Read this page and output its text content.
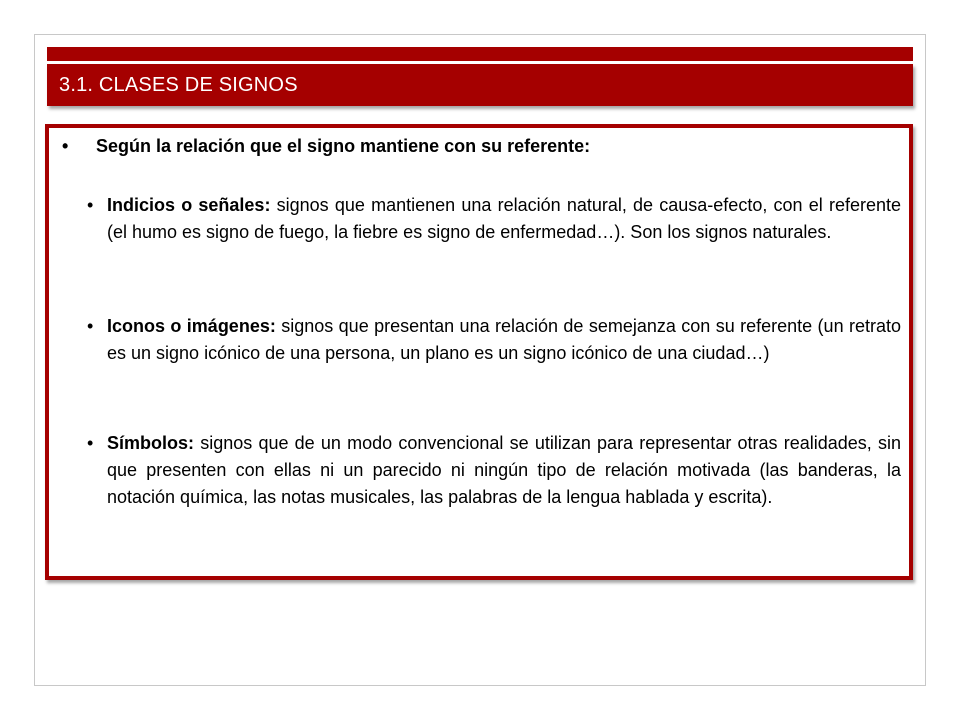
3.1. CLASES DE SIGNOS
•	Según la relación que el signo mantiene con su referente:
• Indicios o señales: signos que mantienen una relación natural, de causa-efecto, con el referente (el humo es signo de fuego, la fiebre es signo de enfermedad…). Son los signos naturales.
• Iconos o imágenes: signos que presentan una relación de semejanza con su referente (un retrato es un signo icónico de una persona, un plano es un signo icónico de una ciudad…)
• Símbolos: signos que de un modo convencional se utilizan para representar otras realidades, sin que presenten con ellas ni un parecido ni ningún tipo de relación motivada (las banderas, la notación química, las notas musicales, las palabras de la lengua hablada y escrita).
